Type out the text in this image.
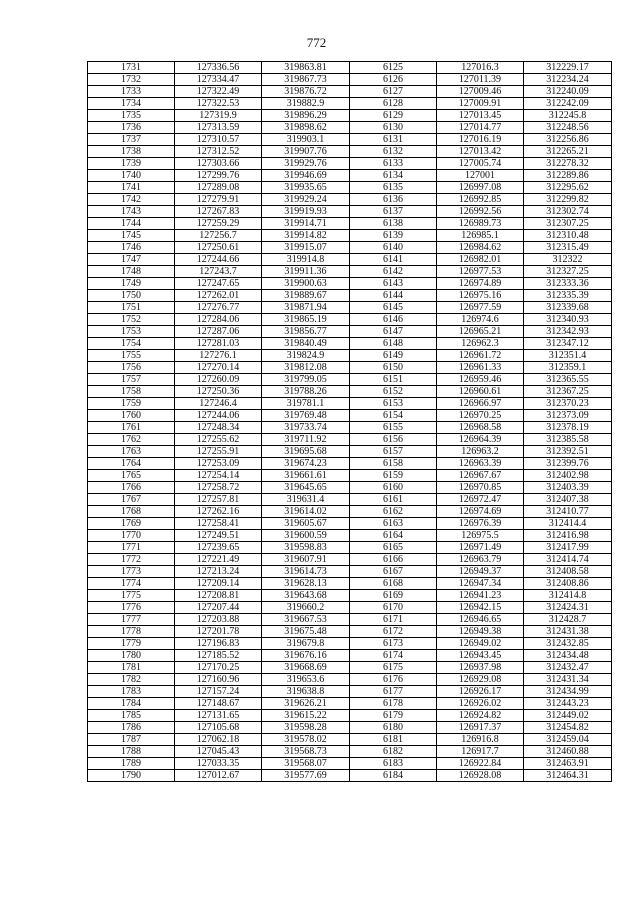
772
1731	127336.56	319863.81	6125	127016.3	312229.17
1732	127334.47	319867.73	6126	127011.39	312234.24
1733	127322.49	319876.72	6127	127009.46	312240.09
1734	127322.53	319882.9	6128	127009.91	312242.09
1735	127319.9	319896.29	6129	127013.45	312245.8
1736	127313.59	319898.62	6130	127014.77	312248.56
1737	127310.57	319903.1	6131	127016.19	312256.86
1738	127312.52	319907.76	6132	127013.42	312265.21
1739	127303.66	319929.76	6133	127005.74	312278.32
1740	127299.76	319946.69	6134	127001	312289.86
1741	127289.08	319935.65	6135	126997.08	312295.62
1742	127279.91	319929.24	6136	126992.85	312299.82
1743	127267.83	319919.93	6137	126992.56	312302.74
1744	127259.29	319914.71	6138	126989.73	312307.25
1745	127256.7	319914.82	6139	126985.1	312310.48
1746	127250.61	319915.07	6140	126984.62	312315.49
1747	127244.66	319914.8	6141	126982.01	312322
1748	127243.7	319911.36	6142	126977.53	312327.25
1749	127247.65	319900.63	6143	126974.89	312333.36
1750	127262.01	319889.67	6144	126975.16	312335.39
1751	127276.77	319871.94	6145	126977.59	312339.68
1752	127284.06	319865.19	6146	126974.6	312340.93
1753	127287.06	319856.77	6147	126965.21	312342.93
1754	127281.03	319840.49	6148	126962.3	312347.12
1755	127276.1	319824.9	6149	126961.72	312351.4
1756	127270.14	319812.08	6150	126961.33	312359.1
1757	127260.09	319799.05	6151	126959.46	312365.55
1758	127250.36	319788.26	6152	126960.61	312367.25
1759	127246.4	319781.1	6153	126966.97	312370.23
1760	127244.06	319769.48	6154	126970.25	312373.09
1761	127248.34	319733.74	6155	126968.58	312378.19
1762	127255.62	319711.92	6156	126964.39	312385.58
1763	127255.91	319695.68	6157	126963.2	312392.51
1764	127253.09	319674.23	6158	126963.39	312399.76
1765	127254.14	319661.61	6159	126967.67	312402.98
1766	127258.72	319645.65	6160	126970.85	312403.39
1767	127257.81	319631.4	6161	126972.47	312407.38
1768	127262.16	319614.02	6162	126974.69	312410.77
1769	127258.41	319605.67	6163	126976.39	312414.4
1770	127249.51	319600.59	6164	126975.5	312416.98
1771	127239.65	319598.83	6165	126971.49	312417.99
1772	127221.49	319607.91	6166	126963.79	312414.74
1773	127213.24	319614.73	6167	126949.37	312408.58
1774	127209.14	319628.13	6168	126947.34	312408.86
1775	127208.81	319643.68	6169	126941.23	312414.8
1776	127207.44	319660.2	6170	126942.15	312424.31
1777	127203.88	319667.53	6171	126946.65	312428.7
1778	127201.78	319675.48	6172	126949.38	312431.38
1779	127196.83	319679.8	6173	126949.02	312432.85
1780	127185.52	319676.16	6174	126943.45	312434.48
1781	127170.25	319668.69	6175	126937.98	312432.47
1782	127160.96	319653.6	6176	126929.08	312431.34
1783	127157.24	319638.8	6177	126926.17	312434.99
1784	127148.67	319626.21	6178	126926.02	312443.23
1785	127131.65	319615.22	6179	126924.82	312449.02
1786	127105.68	319598.28	6180	126917.37	312454.82
1787	127062.18	319578.02	6181	126916.8	312459.04
1788	127045.43	319568.73	6182	126917.7	312460.88
1789	127033.35	319568.07	6183	126922.84	312463.91
1790	127012.67	319577.69	6184	126928.08	312464.31
